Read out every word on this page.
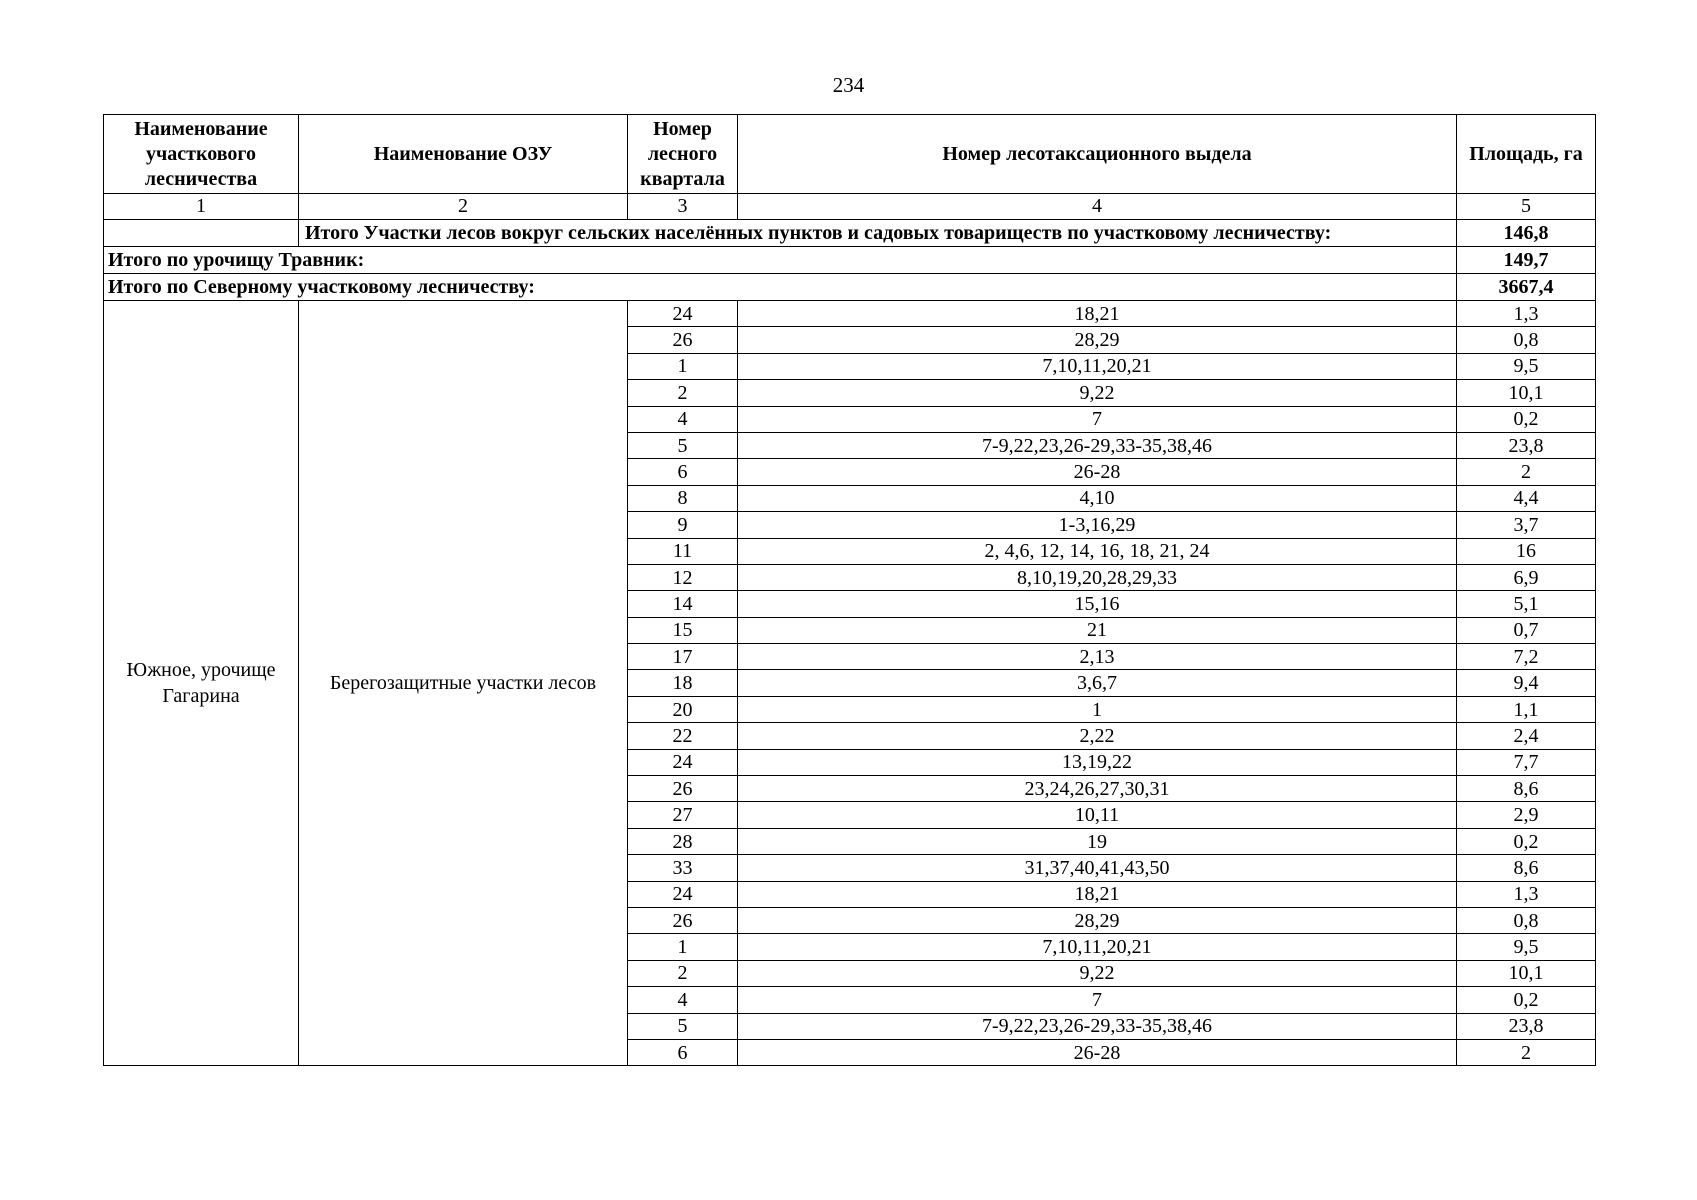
234
Наименование участкового лесничества	Наименование ОЗУ	Номер лесного квартала	Номер лесотаксационного выдела	Площадь, га
1	2	3	4	5
	Итого Участки лесов вокруг сельских населённых пунктов и садовых товариществ по участковому лесничеству:			146,8
Итого по урочищу Травник:				149,7
Итого по Северному участковому лесничеству:				3667,4
Южное, урочище Гагарина	Берегозащитные участки лесов	24	18,21	1,3
		26	28,29	0,8
		1	7,10,11,20,21	9,5
		2	9,22	10,1
		4	7	0,2
		5	7-9,22,23,26-29,33-35,38,46	23,8
		6	26-28	2
		8	4,10	4,4
		9	1-3,16,29	3,7
		11	2, 4,6, 12, 14, 16, 18, 21, 24	16
		12	8,10,19,20,28,29,33	6,9
		14	15,16	5,1
		15	21	0,7
		17	2,13	7,2
		18	3,6,7	9,4
		20	1	1,1
		22	2,22	2,4
		24	13,19,22	7,7
		26	23,24,26,27,30,31	8,6
		27	10,11	2,9
		28	19	0,2
		33	31,37,40,41,43,50	8,6
		24	18,21	1,3
		26	28,29	0,8
		1	7,10,11,20,21	9,5
		2	9,22	10,1
		4	7	0,2
		5	7-9,22,23,26-29,33-35,38,46	23,8
		6	26-28	2
